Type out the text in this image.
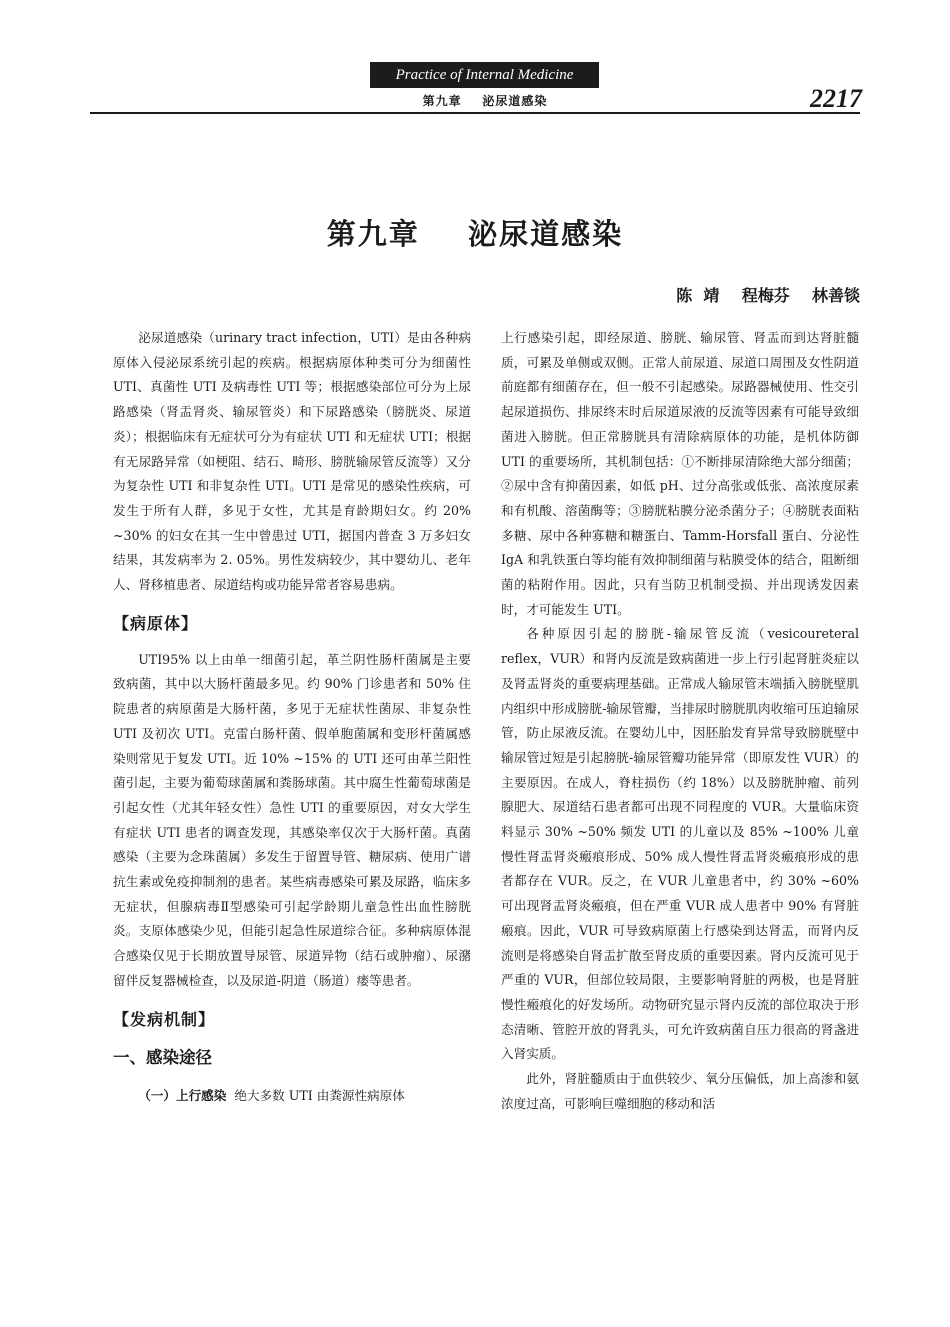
Practice of Internal Medicine
第九章    泌尿道感染	2217
第九章    泌尿道感染
陈  靖    程梅芬    林善锬

泌尿道感染（urinary tract infection，UTI）是由各种病原体入侵泌尿系统引起的疾病。根据病原体种类可分为细菌性 UTI、真菌性 UTI 及病毒性 UTI 等；根据感染部位可分为上尿路感染（肾盂肾炎、输尿管炎）和下尿路感染（膀胱炎、尿道炎）；根据临床有无症状可分为有症状 UTI 和无症状 UTI；根据有无尿路异常（如梗阻、结石、畸形、膀胱输尿管反流等）又分为复杂性 UTI 和非复杂性 UTI。UTI 是常见的感染性疾病，可发生于所有人群，多见于女性，尤其是育龄期妇女。约 20% ~30% 的妇女在其一生中曾患过 UTI，据国内普查 3 万多妇女结果，其发病率为 2. 05%。男性发病较少，其中婴幼儿、老年人、肾移植患者、尿道结构或功能异常者容易患病。

【病原体】

UTI95% 以上由单一细菌引起，革兰阴性肠杆菌属是主要致病菌，其中以大肠杆菌最多见。约 90% 门诊患者和 50% 住院患者的病原菌是大肠杆菌，多见于无症状性菌尿、非复杂性 UTI 及初次 UTI。克雷白肠杆菌、假单胞菌属和变形杆菌属感染则常见于复发 UTI。近 10% ~15% 的 UTI 还可由革兰阳性菌引起，主要为葡萄球菌属和粪肠球菌。其中腐生性葡萄球菌是引起女性（尤其年轻女性）急性 UTI 的重要原因，对女大学生有症状 UTI 患者的调查发现，其感染率仅次于大肠杆菌。真菌感染（主要为念珠菌属）多发生于留置导管、糖尿病、使用广谱抗生素或免疫抑制剂的患者。某些病毒感染可累及尿路，临床多无症状，但腺病毒Ⅱ型感染可引起学龄期儿童急性出血性膀胱炎。支原体感染少见，但能引起急性尿道综合征。多种病原体混合感染仅见于长期放置导尿管、尿道异物（结石或肿瘤）、尿潴留伴反复器械检查，以及尿道-阴道（肠道）瘘等患者。

【发病机制】
一、感染途径

（一）上行感染 绝大多数 UTI 由粪源性病原体

上行感染引起，即经尿道、膀胱、输尿管、肾盂而到达肾脏髓质，可累及单侧或双侧。正常人前尿道、尿道口周围及女性阴道前庭都有细菌存在，但一般不引起感染。尿路器械使用、性交引起尿道损伤、排尿终末时后尿道尿液的反流等因素有可能导致细菌进入膀胱。但正常膀胱具有清除病原体的功能，是机体防御 UTI 的重要场所，其机制包括：①不断排尿清除绝大部分细菌；②尿中含有抑菌因素，如低 pH、过分高张或低张、高浓度尿素和有机酸、溶菌酶等；③膀胱粘膜分泌杀菌分子；④膀胱表面粘多糖、尿中各种寡糖和糖蛋白、Tamm-Horsfall 蛋白、分泌性 IgA 和乳铁蛋白等均能有效抑制细菌与粘膜受体的结合，阻断细菌的粘附作用。因此，只有当防卫机制受损、并出现诱发因素时，才可能发生 UTI。

各种原因引起的膀胱-输尿管反流（vesicoureteral reflex，VUR）和肾内反流是致病菌进一步上行引起肾脏炎症以及肾盂肾炎的重要病理基础。正常成人输尿管末端插入膀胱壁肌内组织中形成膀胱-输尿管瓣，当排尿时膀胱肌肉收缩可压迫输尿管，防止尿液反流。在婴幼儿中，因胚胎发育异常导致膀胱壁中输尿管过短是引起膀胱-输尿管瓣功能异常（即原发性 VUR）的主要原因。在成人，脊柱损伤（约 18%）以及膀胱肿瘤、前列腺肥大、尿道结石患者都可出现不同程度的 VUR。大量临床资料显示 30% ~50% 频发 UTI 的儿童以及 85% ~100% 儿童慢性肾盂肾炎瘢痕形成、50% 成人慢性肾盂肾炎瘢痕形成的患者都存在 VUR。反之，在 VUR 儿童患者中，约 30% ~60% 可出现肾盂肾炎瘢痕，但在严重 VUR 成人患者中 90% 有肾脏瘢痕。因此，VUR 可导致病原菌上行感染到达肾盂，而肾内反流则是将感染自肾盂扩散至肾皮质的重要因素。肾内反流可见于严重的 VUR，但部位较局限，主要影响肾脏的两极，也是肾脏慢性瘢痕化的好发场所。动物研究显示肾内反流的部位取决于形态清晰、管腔开放的肾乳头，可允许致病菌自压力很高的肾盏进入肾实质。

此外，肾脏髓质由于血供较少、氧分压偏低，加上高渗和氨浓度过高，可影响巨噬细胞的移动和活
